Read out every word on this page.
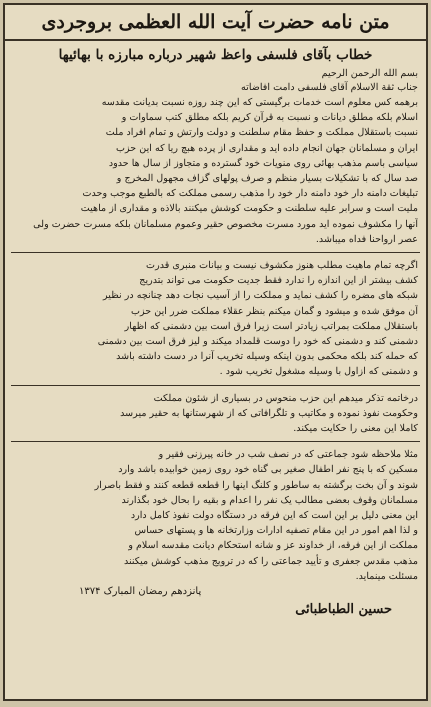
متن نامه حضرت آیت الله العظمی بروجردی
خطاب بآقای فلسفی واعظ شهیر درباره مبارزه با بهائیها
بسم الله الرحمن الرحیم
جناب ثقة الاسلام آقای فلسفی دامت افاضاته
برهمه کس معلوم است خدمات برگیستی که این چند روزه نسبت بدیانت مقدسه
اسلام بلکه مطلق دیانات و نسبت به قرآن کریم بلکه مطلق کتب سماوات و
نسبت باستقلال مملکت و حفظ مقام سلطنت و دولت وارتش و تمام افراد ملت
ایران و مسلمانان جهان انجام داده اید و مقداری از پرده هبچ ریا که این حزب
سیاسی باسم مذهب بهائی روی منویات خود گسترده و متجاوز از سال ها حدود
صد سال که با تشکیلات بسیار منظم و صرف پولهای گزاف مجهول المخرج و
تبلیغات دامنه دار خود دامنه دار خود را مذهب رسمی مملکت که بالطبع موجب وحدت
ملیت است و سرابر علیه سلطنت و حکومت کوشش میکنند بالاذه و مقداری از ماهیت
آنها را مکشوف نموده اید مورد مسرت مخصوص حقیر وعموم مسلمانان بلکه مسرت حضرت ولی
عصر ارواحنا فداه میباشد.
اگرچه تمام ماهیت مطلب هنوز مکشوف نیست و بیانات منبری قدرت
کشف بیشتر از این اندازه را ندارد فقط جدیت حکومت می تواند بتدریج
شبکه های مضره را کشف نماید و مملکت را از آسیب نجات دهد چنانچه در نظیر
آن موفق شده و میشود و گمان میکنم بنظر عقلاء مملکت ضرر این حزب
باستقلال مملکت بمراتب زیادتر است زیرا فرق است بین دشمنی که اظهار
دشمنی کند و دشمنی که خود را دوست قلمداد میکند و لیز فرق است بین دشمنی
که حمله کند بلکه محکمی بدون اینکه وسیله تخریب آنرا در دست داشته باشد
و دشمنی که ازاول با وسیله مشغول تخریب شود .
درخاتمه تذکر میدهم این حزب منحوس در بسیاری از شئون مملکت
وحکومت نفوذ نموده و مکاتیب و تلگرافاتی که از شهرستانها به حقیر میرسد
کاملا این معنی را حکایت میکند.
مثلا ملاحظه شود جماعتی که در نصف شب در خانه پیرزنی فقیر و
مسکین که با پنج نفر اطفال صغیر بی گناه خود روی زمین خوابیده باشد وارد
شوند و آن بخت برگشته به ساطور و کلنگ اینها را قطعه قطعه کنند و فقط باصرار
مسلمانان وقوف بعضی مطالب یک نفر را اعدام و بقیه را بحال خود بگذارند
این معنی دلیل بر این است که این فرقه در دستگاه دولت نفوذ کامل دارد
و لذا اهم امور در این مقام تصفیه ادارات وزارتخانه ها و پستهای حساس
مملکت از این فرقه، از خداوند عز و شانه استحکام دیانت مقدسه اسلام و
مذهب مقدس جعفری و تأیید جماعتی را که در ترویج مذهب کوشش میکنند
مسئلت مینماید.
پانزدهم رمضان المبارک ۱۳۷۴
حسین الطباطبائی
